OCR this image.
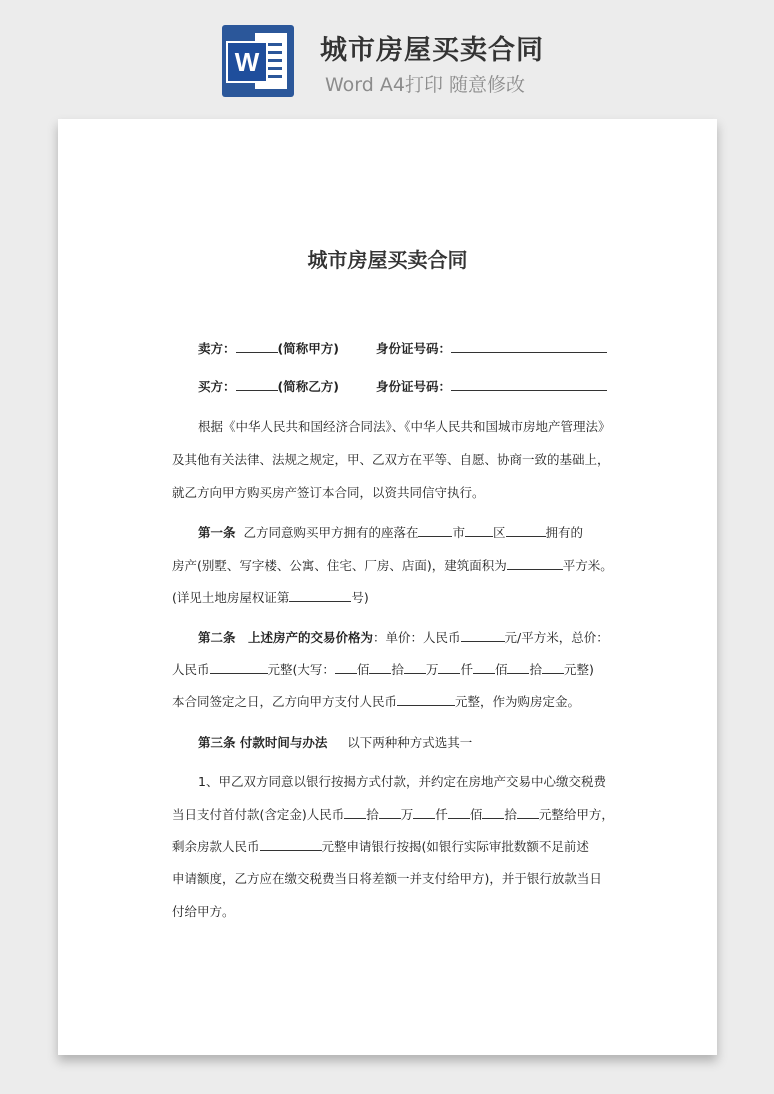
W	城市房屋买卖合同
Word A4打印 随意修改

城市房屋买卖合同
卖方：	(简称甲方)	身份证号码：
买方：	(简称乙方)	身份证号码：
根据《中华人民共和国经济合同法》、《中华人民共和国城市房地产管理法》
及其他有关法律、法规之规定，甲、乙双方在平等、自愿、协商一致的基础上，
就乙方向甲方购买房产签订本合同，以资共同信守执行。
第一条 乙方同意购买甲方拥有的座落在	市 区	拥有的
房产(别墅、写字楼、公寓、住宅、厂房、店面)，建筑面积为	平方米。
(详见土地房屋权证第	号)
第二条　上述房产的交易价格为：单价：人民币	元/平方米，总价：
人民币	元整(大写： 佰 拾 万 仟 佰 拾 元整)
本合同签定之日，乙方向甲方支付人民币	元整，作为购房定金。
第三条 付款时间与办法 以下两种种方式选其一
1、甲乙双方同意以银行按揭方式付款，并约定在房地产交易中心缴交税费
当日支付首付款(含定金)人民币 拾 万 仟 佰 拾 元整给甲方，
剩余房款人民币	元整申请银行按揭(如银行实际审批数额不足前述
申请额度，乙方应在缴交税费当日将差额一并支付给甲方)，并于银行放款当日
付给甲方。
